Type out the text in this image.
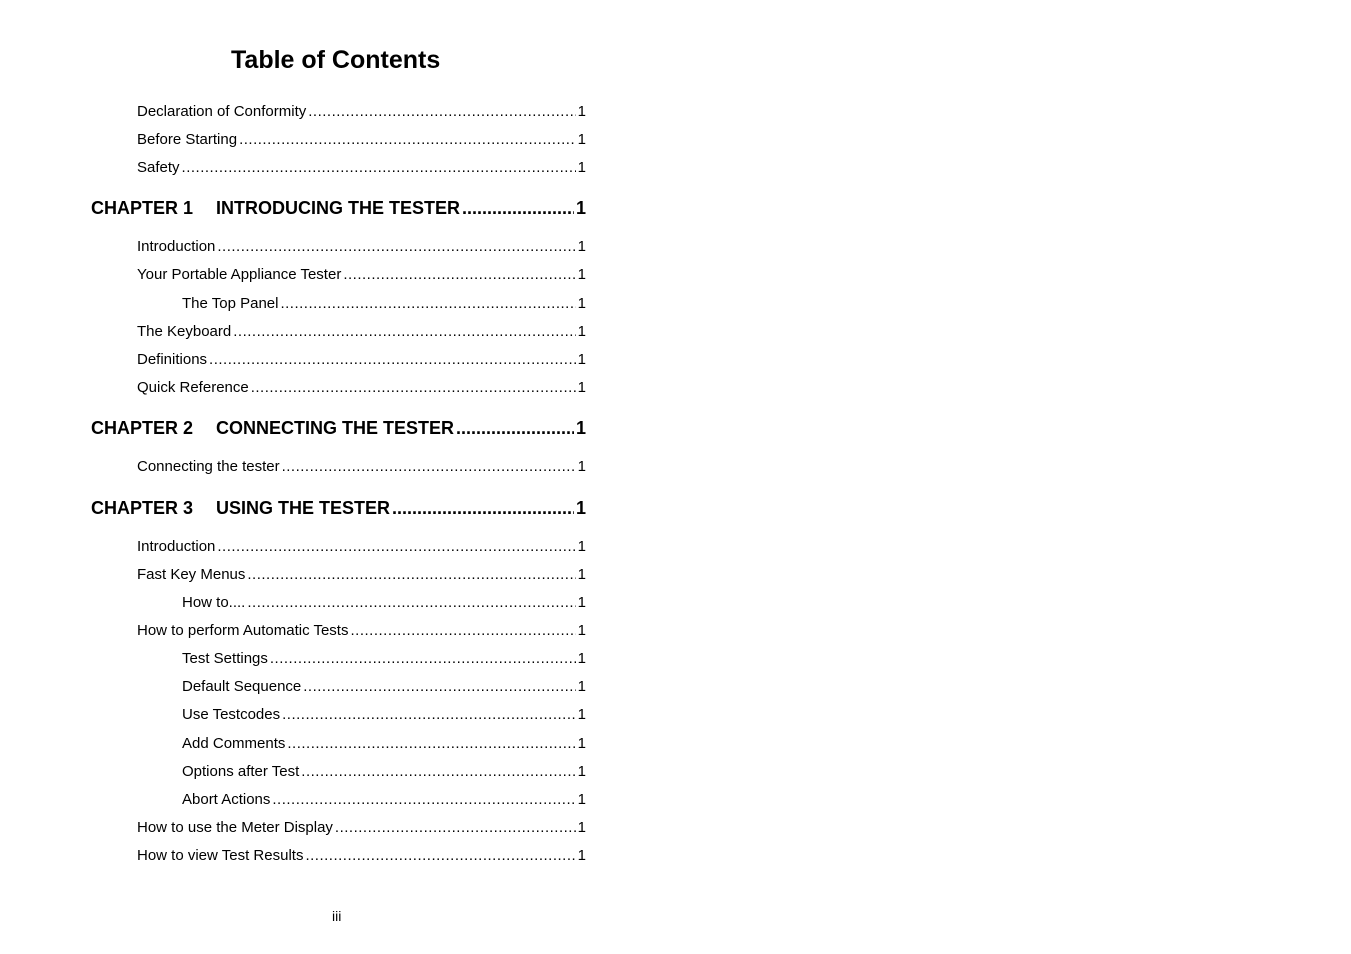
Table of Contents
Declaration of Conformity .....	1
Before Starting .....	1
Safety .....	1
CHAPTER 1	INTRODUCING THE TESTER .....	1
Introduction .....	1
Your Portable Appliance Tester .....	1
The Top Panel .....	1
The Keyboard .....	1
Definitions .....	1
Quick Reference .....	1
CHAPTER 2	CONNECTING THE TESTER .....	1
Connecting the tester .....	1
CHAPTER 3	USING THE TESTER .....	1
Introduction .....	1
Fast Key Menus .....	1
How to.... .....	1
How to perform Automatic Tests .....	1
Test Settings .....	1
Default Sequence .....	1
Use Testcodes .....	1
Add Comments .....	1
Options after Test .....	1
Abort Actions .....	1
How to use the Meter Display .....	1
How to view Test Results .....	1
iii
